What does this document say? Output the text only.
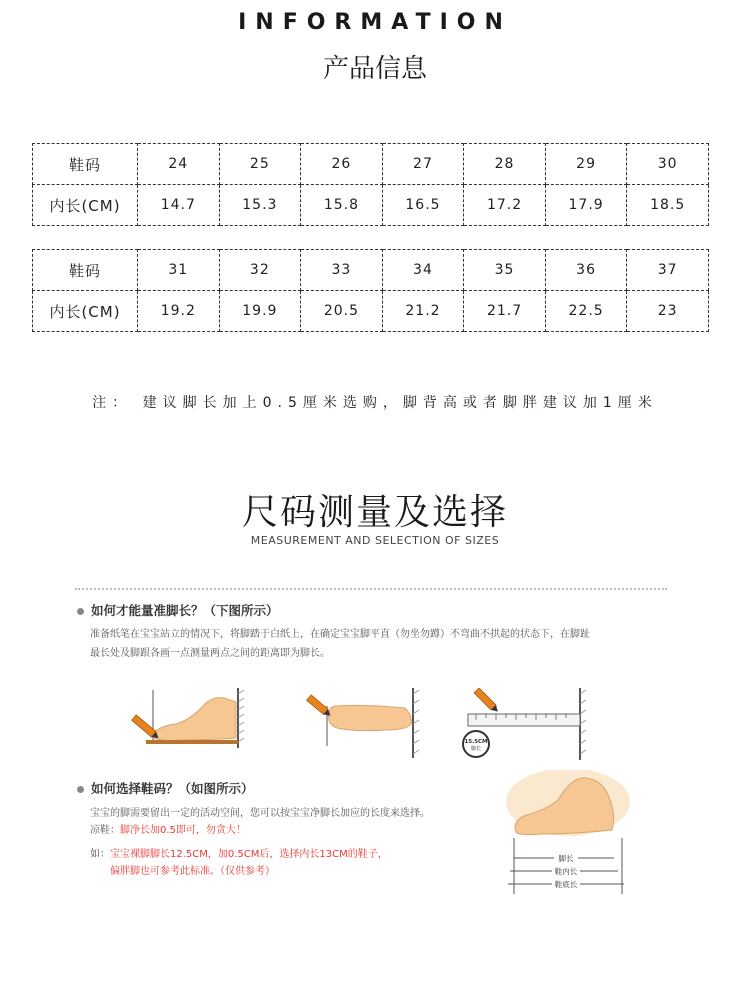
INFORMATION
产品信息
鞋码	24	25	26	27	28	29	30
内长(CM)	14.7	15.3	15.8	16.5	17.2	17.9	18.5
鞋码	31	32	33	34	35	36	37
内长(CM)	19.2	19.9	20.5	21.2	21.7	22.5	23
注： 建议脚长加上0.5厘米选购，脚背高或者脚胖建议加1厘米
尺码测量及选择
MEASUREMENT AND SELECTION OF SIZES
如何才能量准脚长？（下图所示）
准备纸笔在宝宝站立的情况下，将脚踏于白纸上，在确定宝宝脚平直（勿坐勿蹲）不弯曲不拱起的状态下，在脚趾
最长处及脚跟各画一点测量两点之间的距离即为脚长。
15.5CM
脚长
如何选择鞋码？（如图所示）
宝宝的脚需要留出一定的活动空间，您可以按宝宝净脚长加应的长度来选择。
凉鞋：脚净长加0.5即可，勿贪大！
如：宝宝裸脚脚长12.5CM，加0.5CM后，选择内长13CM的鞋子，
偏胖脚也可参考此标准。（仅供参考）
脚长
鞋内长
鞋底长
